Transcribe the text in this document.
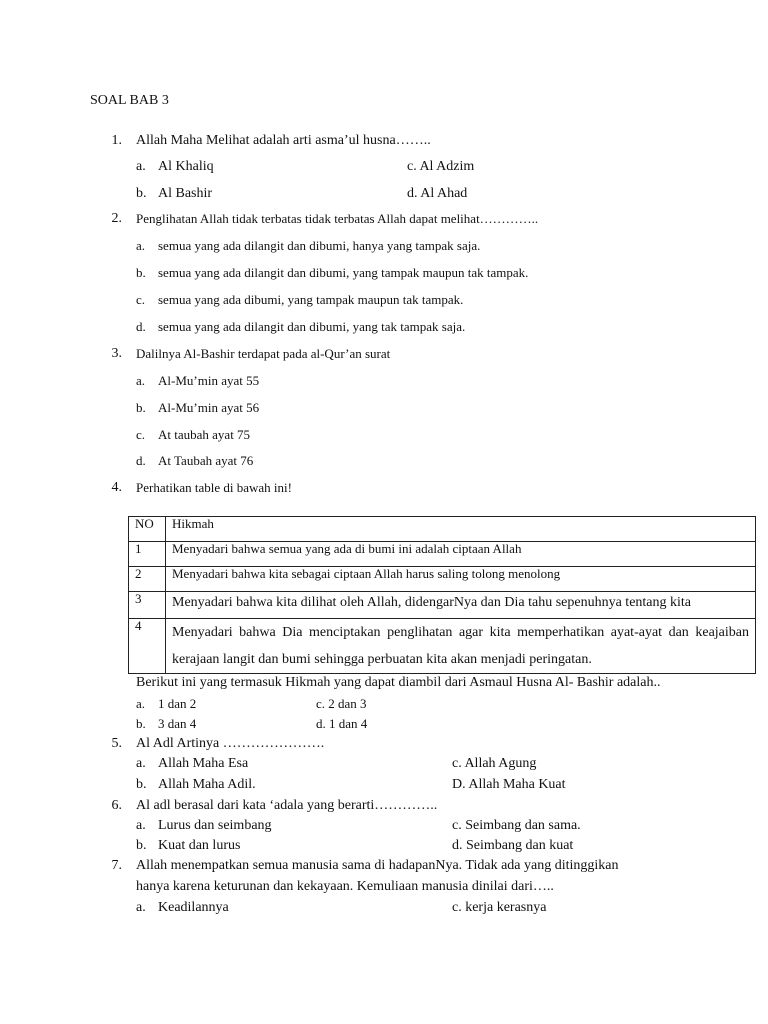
SOAL BAB 3
1. Allah Maha Melihat adalah arti asma’ul husna……..
a. Al Khaliq	c. Al Adzim
b. Al Bashir	d. Al Ahad
2. Penglihatan Allah tidak terbatas tidak terbatas Allah dapat melihat…………..
a. semua yang ada dilangit dan dibumi, hanya yang tampak saja.
b. semua yang ada dilangit dan dibumi, yang tampak maupun tak tampak.
c. semua yang ada dibumi, yang tampak maupun tak tampak.
d. semua yang ada dilangit dan dibumi, yang tak tampak saja.
3. Dalilnya Al-Bashir terdapat pada al-Qur’an surat
a. Al-Mu’min ayat 55
b. Al-Mu’min ayat 56
c. At taubah ayat 75
d. At Taubah ayat 76
4. Perhatikan table di bawah ini!
NO	Hikmah
1	Menyadari bahwa semua yang ada di bumi ini adalah ciptaan Allah
2	Menyadari bahwa kita sebagai ciptaan Allah harus saling tolong menolong
3	Menyadari bahwa kita dilihat oleh Allah, didengarNya dan Dia tahu sepenuhnya tentang kita
4	Menyadari bahwa Dia menciptakan penglihatan agar kita memperhatikan ayat-ayat dan keajaiban kerajaan langit dan bumi sehingga perbuatan kita akan menjadi peringatan.
Berikut ini yang termasuk Hikmah yang dapat diambil dari Asmaul Husna Al- Bashir adalah..
a. 1 dan 2	c. 2 dan 3
b. 3 dan 4	d. 1 dan 4
5. Al Adl Artinya ………………….
a. Allah Maha Esa	c. Allah Agung
b. Allah Maha Adil.	D. Allah Maha Kuat
6. Al adl berasal dari kata ‘adala yang berarti…………..
a. Lurus dan seimbang	c. Seimbang dan sama.
b. Kuat dan lurus	d. Seimbang dan kuat
7. Allah menempatkan semua manusia sama di hadapanNya. Tidak ada yang ditinggikan
hanya karena keturunan dan kekayaan. Kemuliaan manusia dinilai dari…..
a. Keadilannya	c. kerja kerasnya
